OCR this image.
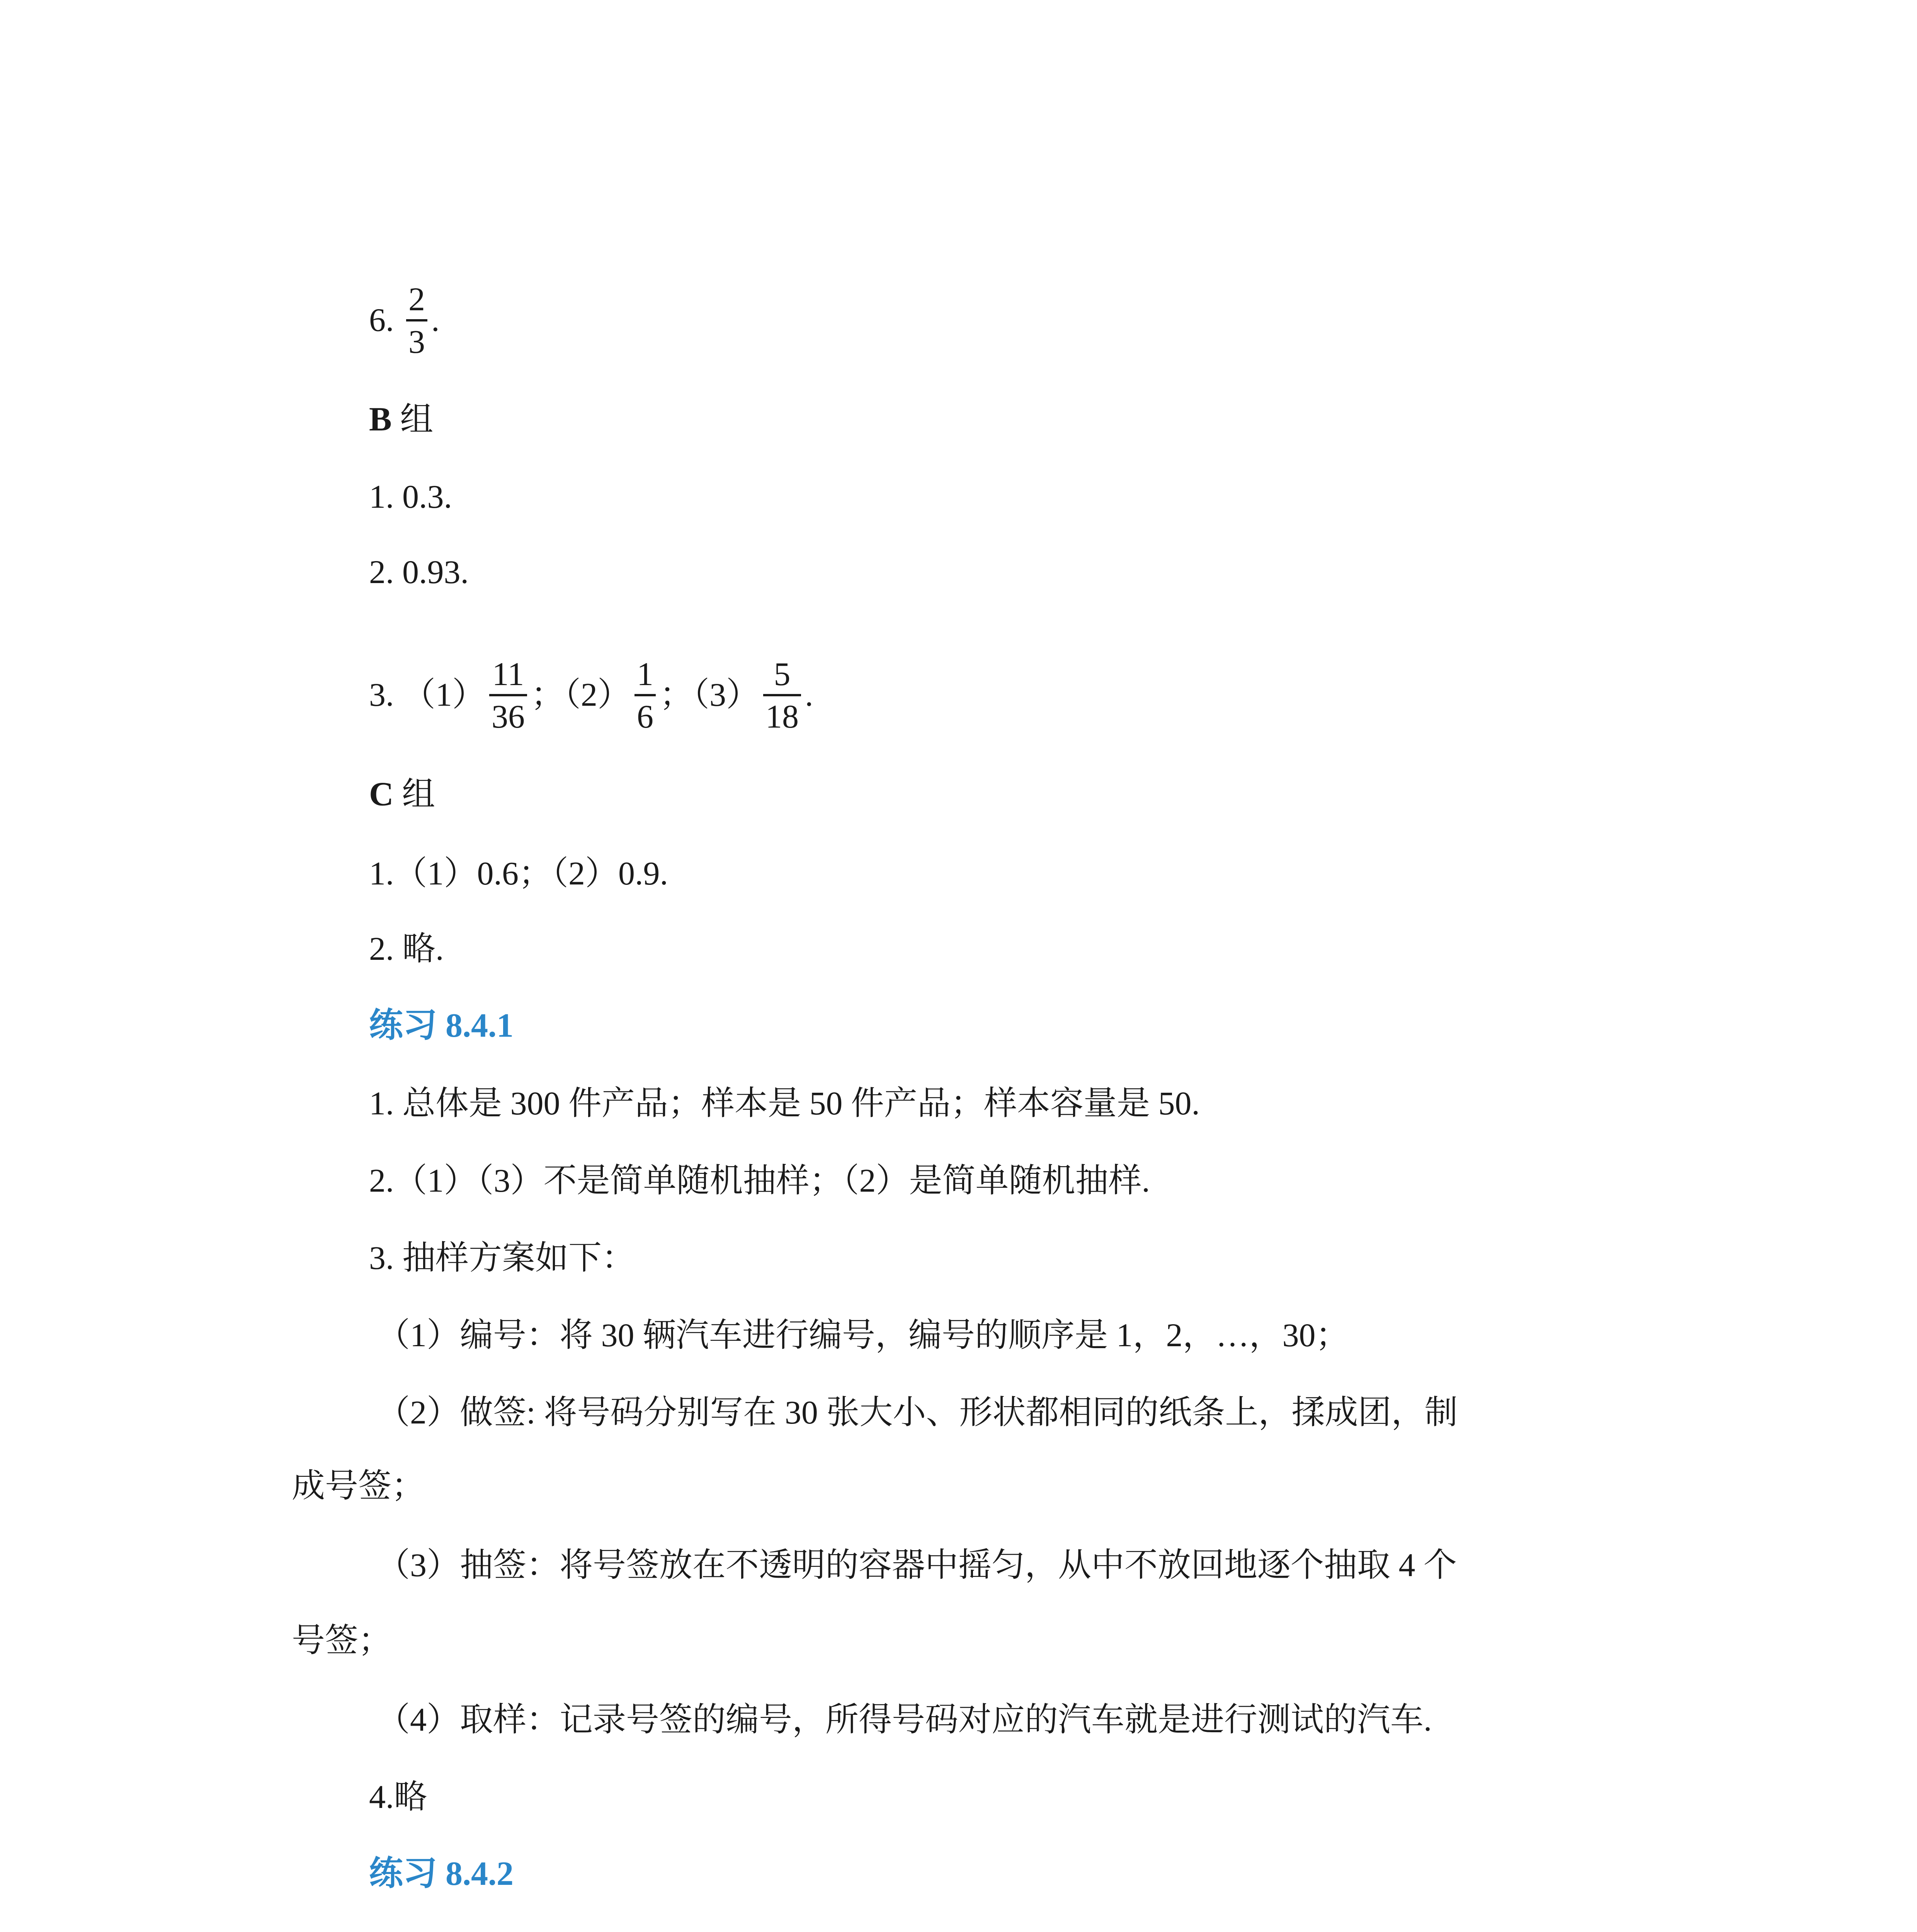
6. $\frac{2}{3}$ .
B 组
1. 0.3.
2. 0.93.
3. $(1) \frac{11}{36}$ ；$(2) \frac{1}{6}$ ；$(3) \frac{5}{18}$ .
C 组
1.（1）0.6；（2）0.9.
2. 略.
练习 8.4.1
1. 总体是 300 件产品；样本是 50 件产品；样本容量是 50.
2.（1）（3）不是简单随机抽样；（2）是简单随机抽样.
3. 抽样方案如下：
（1）编号：将 30 辆汽车进行编号，编号的顺序是 1，2，…，30；
（2）做签: 将号码分别写在 30 张大小、形状都相同的纸条上，揉成团，制
成号签；
（3）抽签：将号签放在不透明的容器中摇匀，从中不放回地逐个抽取 4 个
号签；
（4）取样：记录号签的编号，所得号码对应的汽车就是进行测试的汽车.
4.略
练习 8.4.2
